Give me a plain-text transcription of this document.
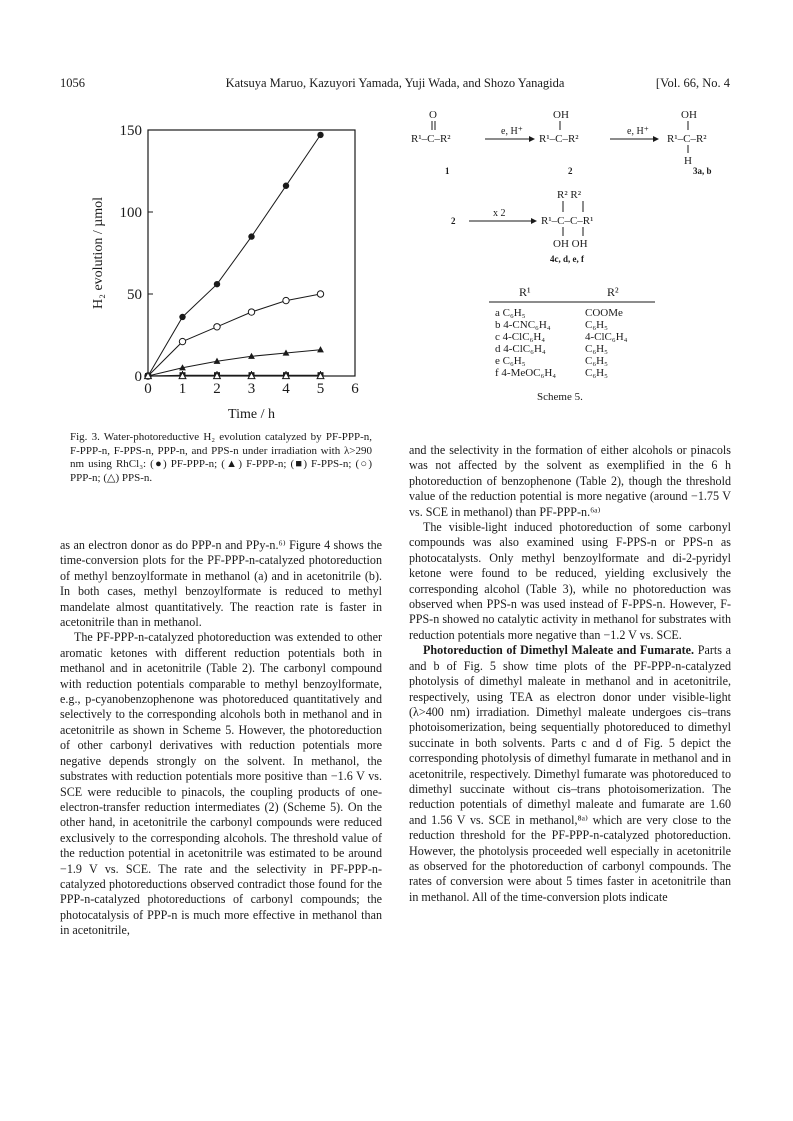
1056	Katsuya Maruo, Kazuyori Yamada, Yuji Wada, and Shozo Yanagida	[Vol. 66, No. 4
0 1 2 3 4 5 6
0
50
100
150
Time / h
H₂ evolution / µmol
Fig. 3. Water-photoreductive H₂ evolution catalyzed by PF-PPP-n, F-PPP-n, F-PPS-n, PPP-n, and PPS-n under irradiation with λ>290 nm using RhCl₃: (●) PF-PPP-n; (▲) F-PPP-n; (■) F-PPS-n; (○) PPP-n; (△) PPS-n.
O
R¹–C–R²
e, H⁺
OH
R¹–C–R²
e, H⁺
OH
R¹–C–R²
H
1	2	3a, b
2
x 2
R² R²
R¹–C–C–R¹
OH OH
4c, d, e, f
R¹	R²
a C₆H₅	COOMe
b 4-CNC₆H₄	C₆H₅
c 4-ClC₆H₄	4-ClC₆H₄
d 4-ClC₆H₄	C₆H₅
e C₆H₅	C₆H₅
f 4-MeOC₆H₄	C₆H₅
Scheme 5.

as an electron donor as do PPP-n and PPy-n.⁶⁾ Figure 4 shows the time-conversion plots for the PF-PPP-n-catalyzed photoreduction of methyl benzoylformate in methanol (a) and in acetonitrile (b). In both cases, methyl benzoylformate is reduced to methyl mandelate almost quantitatively. The reaction rate is faster in acetonitrile than in methanol.

The PF-PPP-n-catalyzed photoreduction was extended to other aromatic ketones with different reduction potentials both in methanol and in acetonitrile (Table 2). The carbonyl compound with reduction potentials comparable to methyl benzoylformate, e.g., p-cyanobenzophenone was photoreduced quantitatively and selectively to the corresponding alcohols both in methanol and in acetonitrile as shown in Scheme 5. However, the photoreduction of other carbonyl derivatives with reduction potentials more negative depends strongly on the solvent. In methanol, the substrates with reduction potentials more positive than −1.6 V vs. SCE were reducible to pinacols, the coupling products of one-electron-transfer reduction intermediates (2) (Scheme 5). On the other hand, in acetonitrile the carbonyl compounds were reduced exclusively to the corresponding alcohols. The threshold value of the reduction potential in acetonitrile was estimated to be around −1.9 V vs. SCE. The rate and the selectivity in PF-PPP-n-catalyzed photoreductions observed contradict those found for the PPP-n-catalyzed photoreductions of carbonyl compounds; the photocatalysis of PPP-n is much more effective in methanol than in acetonitrile,

and the selectivity in the formation of either alcohols or pinacols was not affected by the solvent as exemplified in the 6 h photoreduction of benzophenone (Table 2), though the threshold value of the reduction potential is more negative (around −1.75 V vs. SCE in methanol) than PF-PPP-n.⁶ᵃ⁾

The visible-light induced photoreduction of some carbonyl compounds was also examined using F-PPS-n or PPS-n as photocatalysts. Only methyl benzoylformate and di-2-pyridyl ketone were found to be reduced, yielding exclusively the corresponding alcohol (Table 3), while no photoreduction was observed when PPS-n was used instead of F-PPS-n. However, F-PPS-n showed no catalytic activity in methanol for substrates with reduction potentials more negative than −1.2 V vs. SCE.

Photoreduction of Dimethyl Maleate and Fumarate. Parts a and b of Fig. 5 show time plots of the PF-PPP-n-catalyzed photolysis of dimethyl maleate in methanol and in acetonitrile, respectively, using TEA as electron donor under visible-light (λ>400 nm) irradiation. Dimethyl maleate undergoes cis–trans photoisomerization, being sequentially photoreduced to dimethyl succinate in both solvents. Parts c and d of Fig. 5 depict the corresponding photolysis of dimethyl fumarate in methanol and in acetonitrile, respectively. Dimethyl fumarate was photoreduced to dimethyl succinate without cis–trans photoisomerization. The reduction potentials of dimethyl maleate and fumarate are 1.60 and 1.56 V vs. SCE in methanol,⁸ᵃ⁾ which are very close to the reduction threshold for the PF-PPP-n-catalyzed photoreduction. However, the photolysis proceeded well especially in acetonitrile as observed for the photoreduction of carbonyl compounds. The rates of conversion were about 5 times faster in acetonitrile than in methanol. All of the time-conversion plots indicate
